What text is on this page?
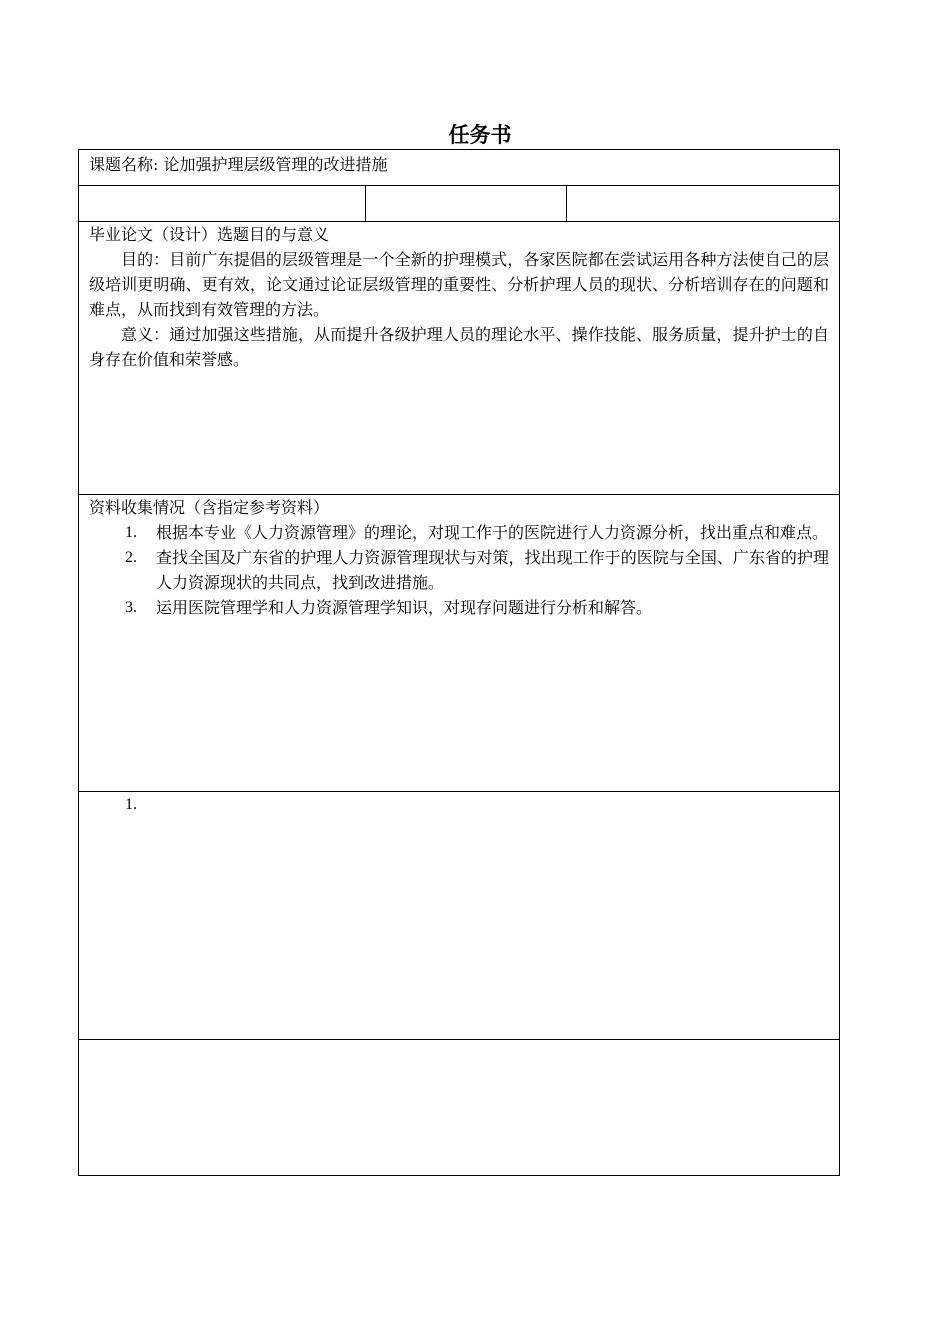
任务书
课题名称: 论加强护理层级管理的改进措施
毕业论文（设计）选题目的与意义

目的：目前广东提倡的层级管理是一个全新的护理模式，各家医院都在尝试运用各种方法使自己的层级培训更明确、更有效，论文通过论证层级管理的重要性、分析护理人员的现状、分析培训存在的问题和难点，从而找到有效管理的方法。

意义：通过加强这些措施，从而提升各级护理人员的理论水平、操作技能、服务质量，提升护士的自身存在价值和荣誉感。

资料收集情况（含指定参考资料）
1. 根据本专业《人力资源管理》的理论，对现工作于的医院进行人力资源分析，找出重点和难点。
2. 查找全国及广东省的护理人力资源管理现状与对策，找出现工作于的医院与全国、广东省的护理人力资源现状的共同点，找到改进措施。
3. 运用医院管理学和人力资源管理学知识，对现存问题进行分析和解答。
1.
